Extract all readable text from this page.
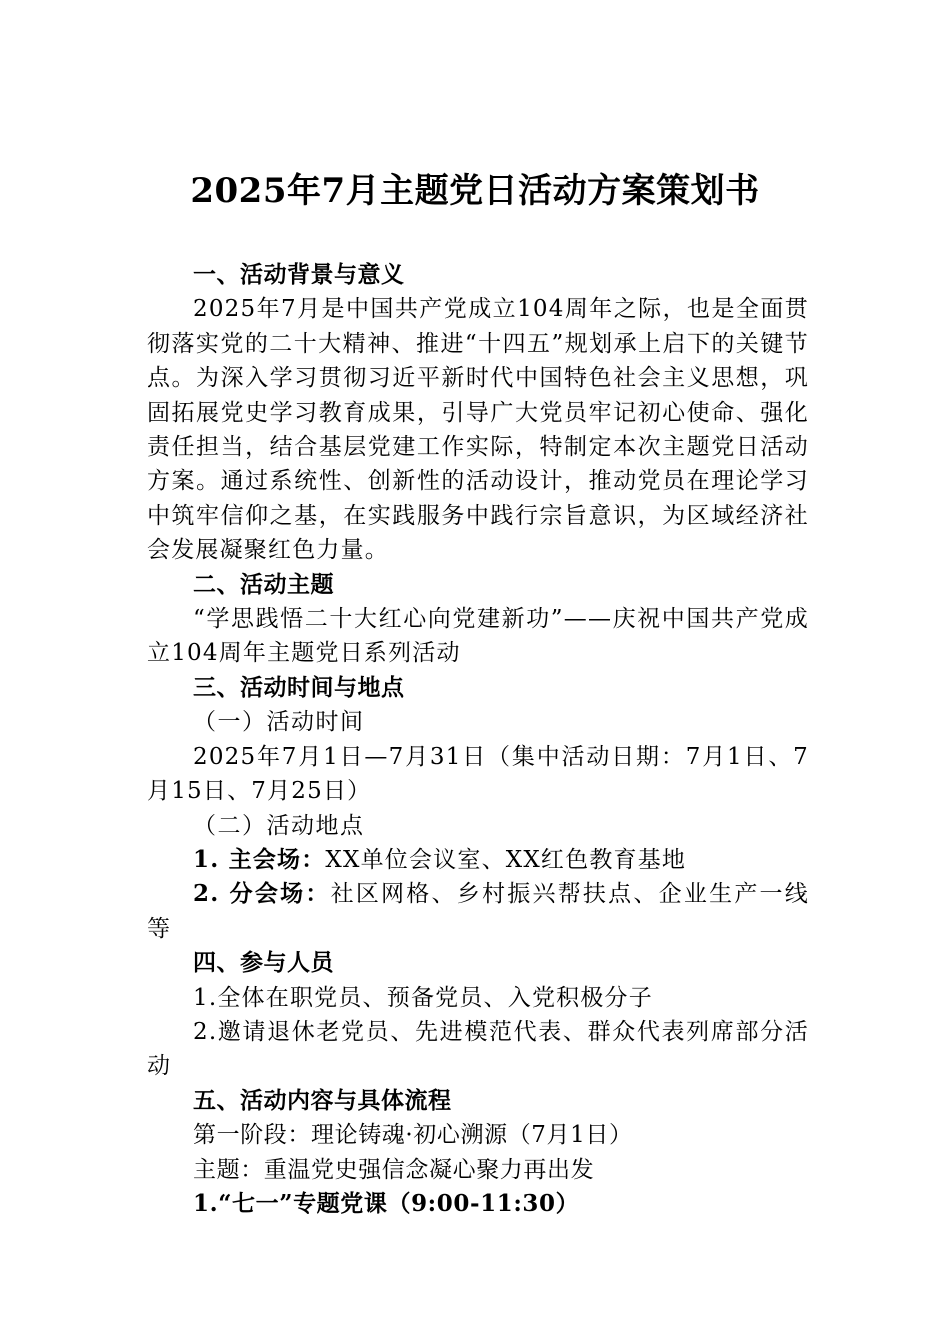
2025年7月主题党日活动方案策划书

一、活动背景与意义

2025年7月是中国共产党成立104周年之际，也是全面贯彻落实党的二十大精神、推进“十四五”规划承上启下的关键节点。为深入学习贯彻习近平新时代中国特色社会主义思想，巩固拓展党史学习教育成果，引导广大党员牢记初心使命、强化责任担当，结合基层党建工作实际，特制定本次主题党日活动方案。通过系统性、创新性的活动设计，推动党员在理论学习中筑牢信仰之基，在实践服务中践行宗旨意识，为区域经济社会发展凝聚红色力量。

二、活动主题

“学思践悟二十大红心向党建新功”——庆祝中国共产党成立104周年主题党日系列活动

三、活动时间与地点

（一）活动时间

2025年7月1日—7月31日（集中活动日期：7月1日、7月15日、7月25日）

（二）活动地点

1. 主会场：XX单位会议室、XX红色教育基地

2. 分会场：社区网格、乡村振兴帮扶点、企业生产一线等

四、参与人员

1.全体在职党员、预备党员、入党积极分子

2.邀请退休老党员、先进模范代表、群众代表列席部分活动

五、活动内容与具体流程

第一阶段：理论铸魂·初心溯源（7月1日）

主题：重温党史强信念凝心聚力再出发

1.“七一”专题党课（9:00-11:30）
